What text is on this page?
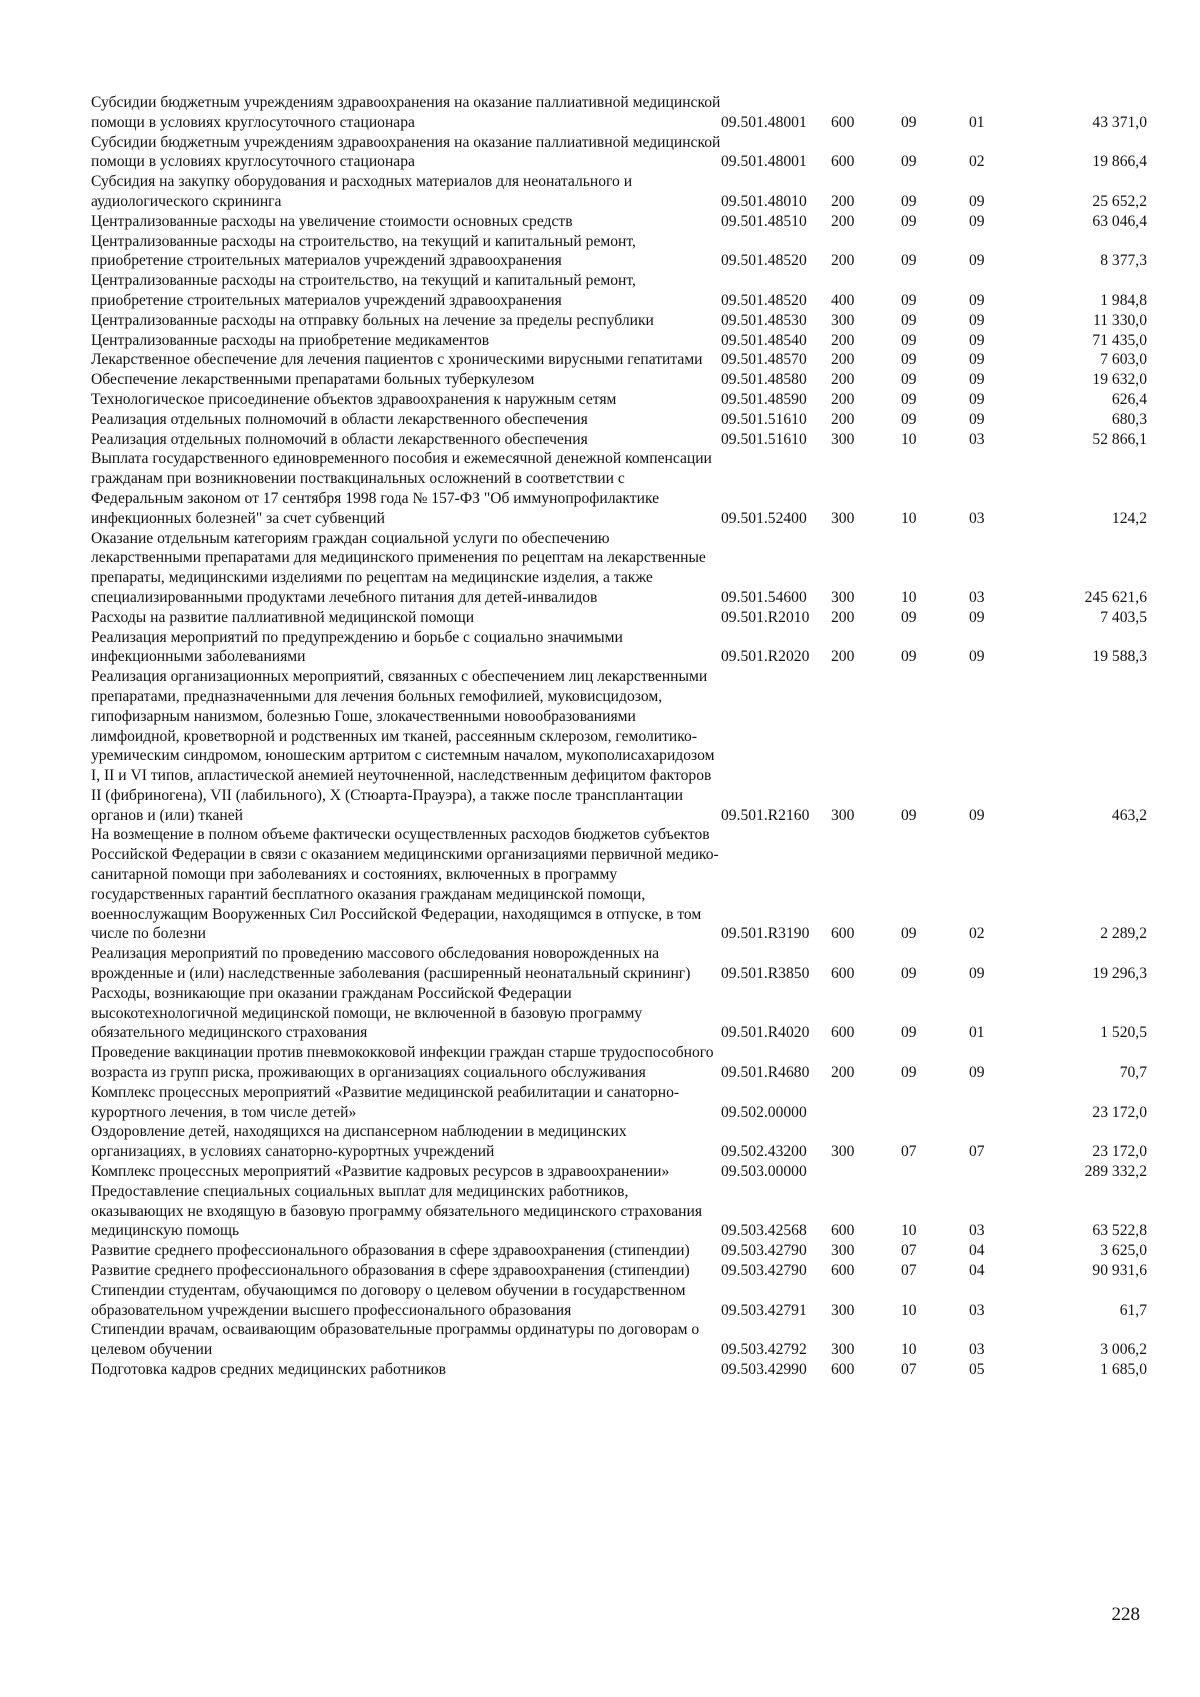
Субсидии бюджетным учреждениям здравоохранения на оказание паллиативной медицинской помощи в условиях круглосуточного стационара	09.501.48001	600	09	01	43 371,0
Субсидии бюджетным учреждениям здравоохранения на оказание паллиативной медицинской помощи в условиях круглосуточного стационара	09.501.48001	600	09	02	19 866,4
Субсидия на закупку оборудования и расходных материалов для неонатального и аудиологического скрининга	09.501.48010	200	09	09	25 652,2
Централизованные расходы на увеличение стоимости основных средств	09.501.48510	200	09	09	63 046,4
Централизованные расходы на строительство, на текущий и капитальный ремонт, приобретение строительных материалов учреждений здравоохранения	09.501.48520	200	09	09	8 377,3
Централизованные расходы на строительство, на текущий и капитальный ремонт, приобретение строительных материалов учреждений здравоохранения	09.501.48520	400	09	09	1 984,8
Централизованные расходы на отправку больных на лечение за пределы республики	09.501.48530	300	09	09	11 330,0
Централизованные расходы на приобретение медикаментов	09.501.48540	200	09	09	71 435,0
Лекарственное обеспечение для лечения пациентов с хроническими вирусными гепатитами	09.501.48570	200	09	09	7 603,0
Обеспечение лекарственными препаратами больных туберкулезом	09.501.48580	200	09	09	19 632,0
Технологическое присоединение объектов здравоохранения к наружным сетям	09.501.48590	200	09	09	626,4
Реализация отдельных полномочий в области лекарственного обеспечения	09.501.51610	200	09	09	680,3
Реализация отдельных полномочий в области лекарственного обеспечения	09.501.51610	300	10	03	52 866,1
Выплата государственного единовременного пособия и ежемесячной денежной компенсации гражданам при возникновении поствакцинальных осложнений в соответствии с Федеральным законом от 17 сентября 1998 года № 157-ФЗ "Об иммунопрофилактике инфекционных болезней" за счет субвенций	09.501.52400	300	10	03	124,2
Оказание отдельным категориям граждан социальной услуги по обеспечению лекарственными препаратами для медицинского применения по рецептам на лекарственные препараты, медицинскими изделиями по рецептам на медицинские изделия, а также специализированными продуктами лечебного питания для детей-инвалидов	09.501.54600	300	10	03	245 621,6
Расходы на развитие паллиативной медицинской помощи	09.501.R2010	200	09	09	7 403,5
Реализация мероприятий по предупреждению и борьбе с социально значимыми инфекционными заболеваниями	09.501.R2020	200	09	09	19 588,3
Реализация организационных мероприятий, связанных с обеспечением лиц лекарственными препаратами, предназначенными для лечения больных гемофилией, муковисцидозом, гипофизарным нанизмом, болезнью Гоше, злокачественными новообразованиями лимфоидной, кроветворной и родственных им тканей, рассеянным склерозом, гемолитико-уремическим синдромом, юношеским артритом с системным началом, мукополисахаридозом I, II и VI типов, апластической анемией неуточненной, наследственным дефицитом факторов II (фибриногена), VII (лабильного), X (Стюарта-Прауэра), а также после трансплантации органов и (или) тканей	09.501.R2160	300	09	09	463,2
На возмещение в полном объеме фактически осуществленных расходов бюджетов субъектов Российской Федерации в связи с оказанием медицинскими организациями первичной медико-санитарной помощи при заболеваниях и состояниях, включенных в программу государственных гарантий бесплатного оказания гражданам медицинской помощи, военнослужащим Вооруженных Сил Российской Федерации, находящимся в отпуске, в том числе по болезни	09.501.R3190	600	09	02	2 289,2
Реализация мероприятий по проведению массового обследования новорожденных на врожденные и (или) наследственные заболевания (расширенный неонатальный скрининг)	09.501.R3850	600	09	09	19 296,3
Расходы, возникающие при оказании гражданам Российской Федерации высокотехнологичной медицинской помощи, не включенной в базовую программу обязательного медицинского страхования	09.501.R4020	600	09	01	1 520,5
Проведение вакцинации против пневмококковой инфекции граждан старше трудоспособного возраста из групп риска, проживающих в организациях социального обслуживания	09.501.R4680	200	09	09	70,7
Комплекс процессных мероприятий «Развитие медицинской реабилитации и санаторно-курортного лечения, в том числе детей»	09.502.00000				23 172,0
Оздоровление детей, находящихся на диспансерном наблюдении в медицинских организациях, в условиях санаторно-курортных учреждений	09.502.43200	300	07	07	23 172,0
Комплекс процессных мероприятий «Развитие кадровых ресурсов в здравоохранении»	09.503.00000				289 332,2
Предоставление специальных социальных выплат для медицинских работников, оказывающих не входящую в базовую программу обязательного медицинского страхования медицинскую помощь	09.503.42568	600	10	03	63 522,8
Развитие среднего профессионального образования в сфере здравоохранения (стипендии)	09.503.42790	300	07	04	3 625,0
Развитие среднего профессионального образования в сфере здравоохранения (стипендии)	09.503.42790	600	07	04	90 931,6
Стипендии студентам, обучающимся по договору о целевом обучении в государственном образовательном учреждении высшего профессионального образования	09.503.42791	300	10	03	61,7
Стипендии врачам, осваивающим образовательные программы ординатуры по договорам о целевом обучении	09.503.42792	300	10	03	3 006,2
Подготовка кадров средних медицинских работников	09.503.42990	600	07	05	1 685,0
228
